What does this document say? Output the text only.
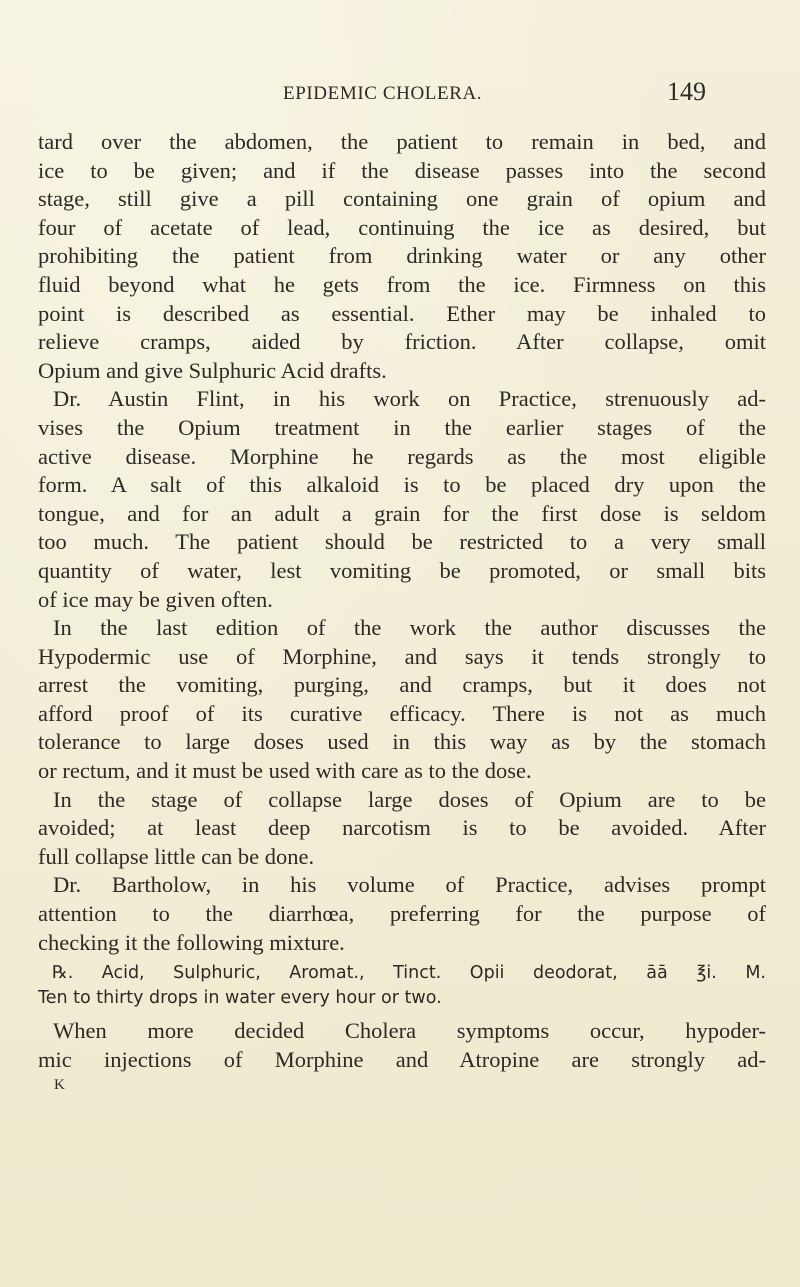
EPIDEMIC CHOLERA.	149
tard over the abdomen, the patient to remain in bed, and
ice to be given; and if the disease passes into the second
stage, still give a pill containing one grain of opium and
four of acetate of lead, continuing the ice as desired, but
prohibiting the patient from drinking water or any other
fluid beyond what he gets from the ice. Firmness on this
point is described as essential. Ether may be inhaled to
relieve cramps, aided by friction. After collapse, omit
Opium and give Sulphuric Acid drafts.
Dr. Austin Flint, in his work on Practice, strenuously ad-
vises the Opium treatment in the earlier stages of the
active disease. Morphine he regards as the most eligible
form. A salt of this alkaloid is to be placed dry upon the
tongue, and for an adult a grain for the first dose is seldom
too much. The patient should be restricted to a very small
quantity of water, lest vomiting be promoted, or small bits
of ice may be given often.
In the last edition of the work the author discusses the
Hypodermic use of Morphine, and says it tends strongly to
arrest the vomiting, purging, and cramps, but it does not
afford proof of its curative efficacy. There is not as much
tolerance to large doses used in this way as by the stomach
or rectum, and it must be used with care as to the dose.
In the stage of collapse large doses of Opium are to be
avoided; at least deep narcotism is to be avoided. After
full collapse little can be done.
Dr. Bartholow, in his volume of Practice, advises prompt
attention to the diarrhœa, preferring for the purpose of
checking it the following mixture.
℞. Acid, Sulphuric, Aromat., Tinct. Opii deodorat, āā ℥i. M.
Ten to thirty drops in water every hour or two.
When more decided Cholera symptoms occur, hypoder-
mic injections of Morphine and Atropine are strongly ad-
K
